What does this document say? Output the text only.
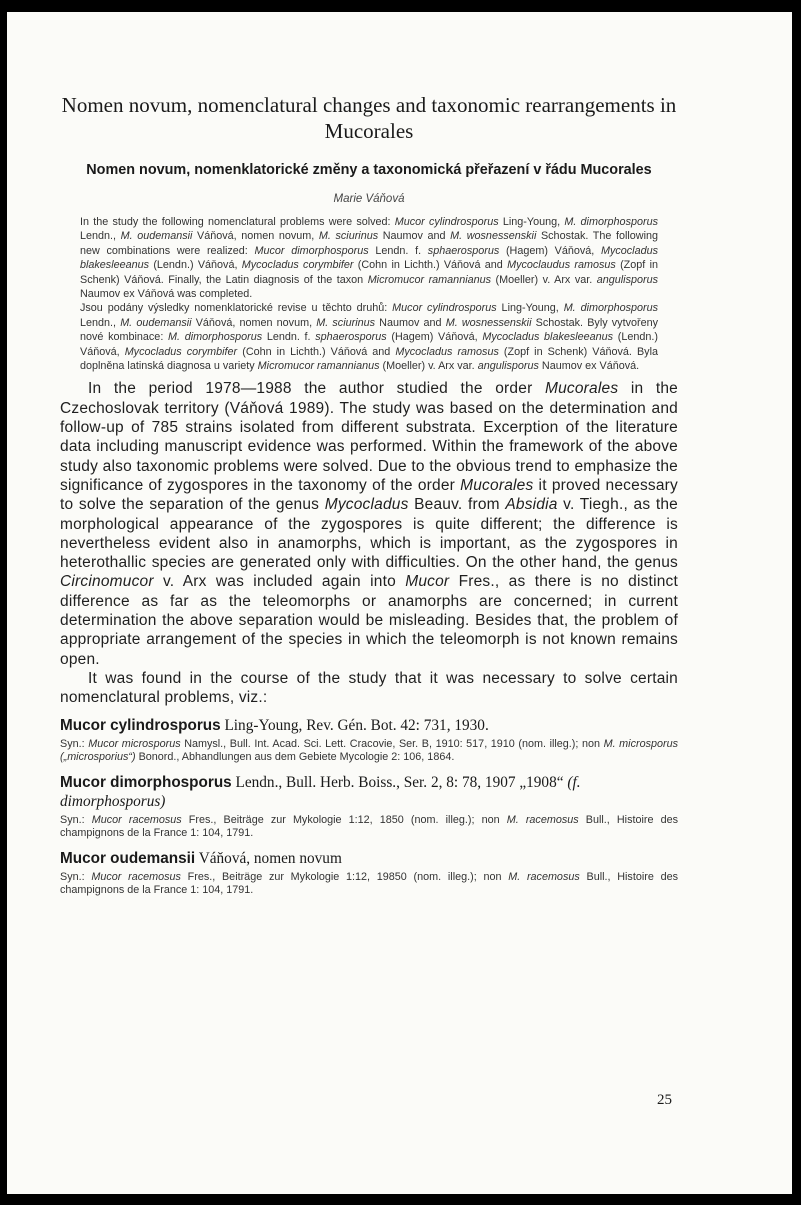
Nomen novum, nomenclatural changes and taxonomic rearrangements in Mucorales
Nomen novum, nomenklatorické změny a taxonomická přeřazení v řádu Mucorales

Marie Váňová

In the study the following nomenclatural problems were solved: Mucor cylindrosporus Ling-Young, M. dimorphosporus Lendn., M. oudemansii Váňová, nomen novum, M. sciurinus Naumov and M. wosnessenskii Schostak. The following new combinations were realized: Mucor dimorphosporus Lendn. f. sphaerosporus (Hagem) Váňová, Mycocladus blakesleeanus (Lendn.) Váňová, Mycocladus corymbifer (Cohn in Lichth.) Váňová and Mycoclaudus ramosus (Zopf in Schenk) Váňová. Finally, the Latin diagnosis of the taxon Micromucor ramannianus (Moeller) v. Arx var. angulisporus Naumov ex Váňová was completed.

Jsou podány výsledky nomenklatorické revise u těchto druhů: Mucor cylindrosporus Ling-Young, M. dimorphosporus Lendn., M. oudemansii Váňová, nomen novum, M. sciurinus Naumov and M. wosnessenskii Schostak. Byly vytvořeny nové kombinace: M. dimorphosporus Lendn. f. sphaerosporus (Hagem) Váňová, Mycocladus blakesleeanus (Lendn.) Váňová, Mycocladus corymbifer (Cohn in Lichth.) Váňová and Mycocladus ramosus (Zopf in Schenk) Váňová. Byla doplněna latinská diagnosa u variety Micromucor ramannianus (Moeller) v. Arx var. angulisporus Naumov ex Váňová.

In the period 1978—1988 the author studied the order Mucorales in the Czechoslovak territory (Váňová 1989). The study was based on the determination and follow-up of 785 strains isolated from different substrata. Excerption of the literature data including manuscript evidence was performed. Within the framework of the above study also taxonomic problems were solved. Due to the obvious trend to emphasize the significance of zygospores in the taxonomy of the order Mucorales it proved necessary to solve the separation of the genus Mycocladus Beauv. from Absidia v. Tiegh., as the morphological appearance of the zygospores is quite different; the difference is nevertheless evident also in anamorphs, which is important, as the zygospores in heterothallic species are generated only with difficulties. On the other hand, the genus Circinomucor v. Arx was included again into Mucor Fres., as there is no distinct difference as far as the teleomorphs or anamorphs are concerned; in current determination the above separation would be misleading. Besides that, the problem of appropriate arrangement of the species in which the teleomorph is not known remains open.

It was found in the course of the study that it was necessary to solve certain nomenclatural problems, viz.:

Mucor cylindrosporus Ling-Young, Rev. Gén. Bot. 42: 731, 1930.

Syn.: Mucor microsporus Namysl., Bull. Int. Acad. Sci. Lett. Cracovie, Ser. B, 1910: 517, 1910 (nom. illeg.); non M. microsporus („microsporius“) Bonord., Abhandlungen aus dem Gebiete Mycologie 2: 106, 1864.

Mucor dimorphosporus Lendn., Bull. Herb. Boiss., Ser. 2, 8: 78, 1907 „1908“ (f. dimorphosporus)

Syn.: Mucor racemosus Fres., Beiträge zur Mykologie 1:12, 1850 (nom. illeg.); non M. racemosus Bull., Histoire des champignons de la France 1: 104, 1791.

Mucor oudemansii Váňová, nomen novum

Syn.: Mucor racemosus Fres., Beiträge zur Mykologie 1:12, 19850 (nom. illeg.); non M. racemosus Bull., Histoire des champignons de la France 1: 104, 1791.

25
